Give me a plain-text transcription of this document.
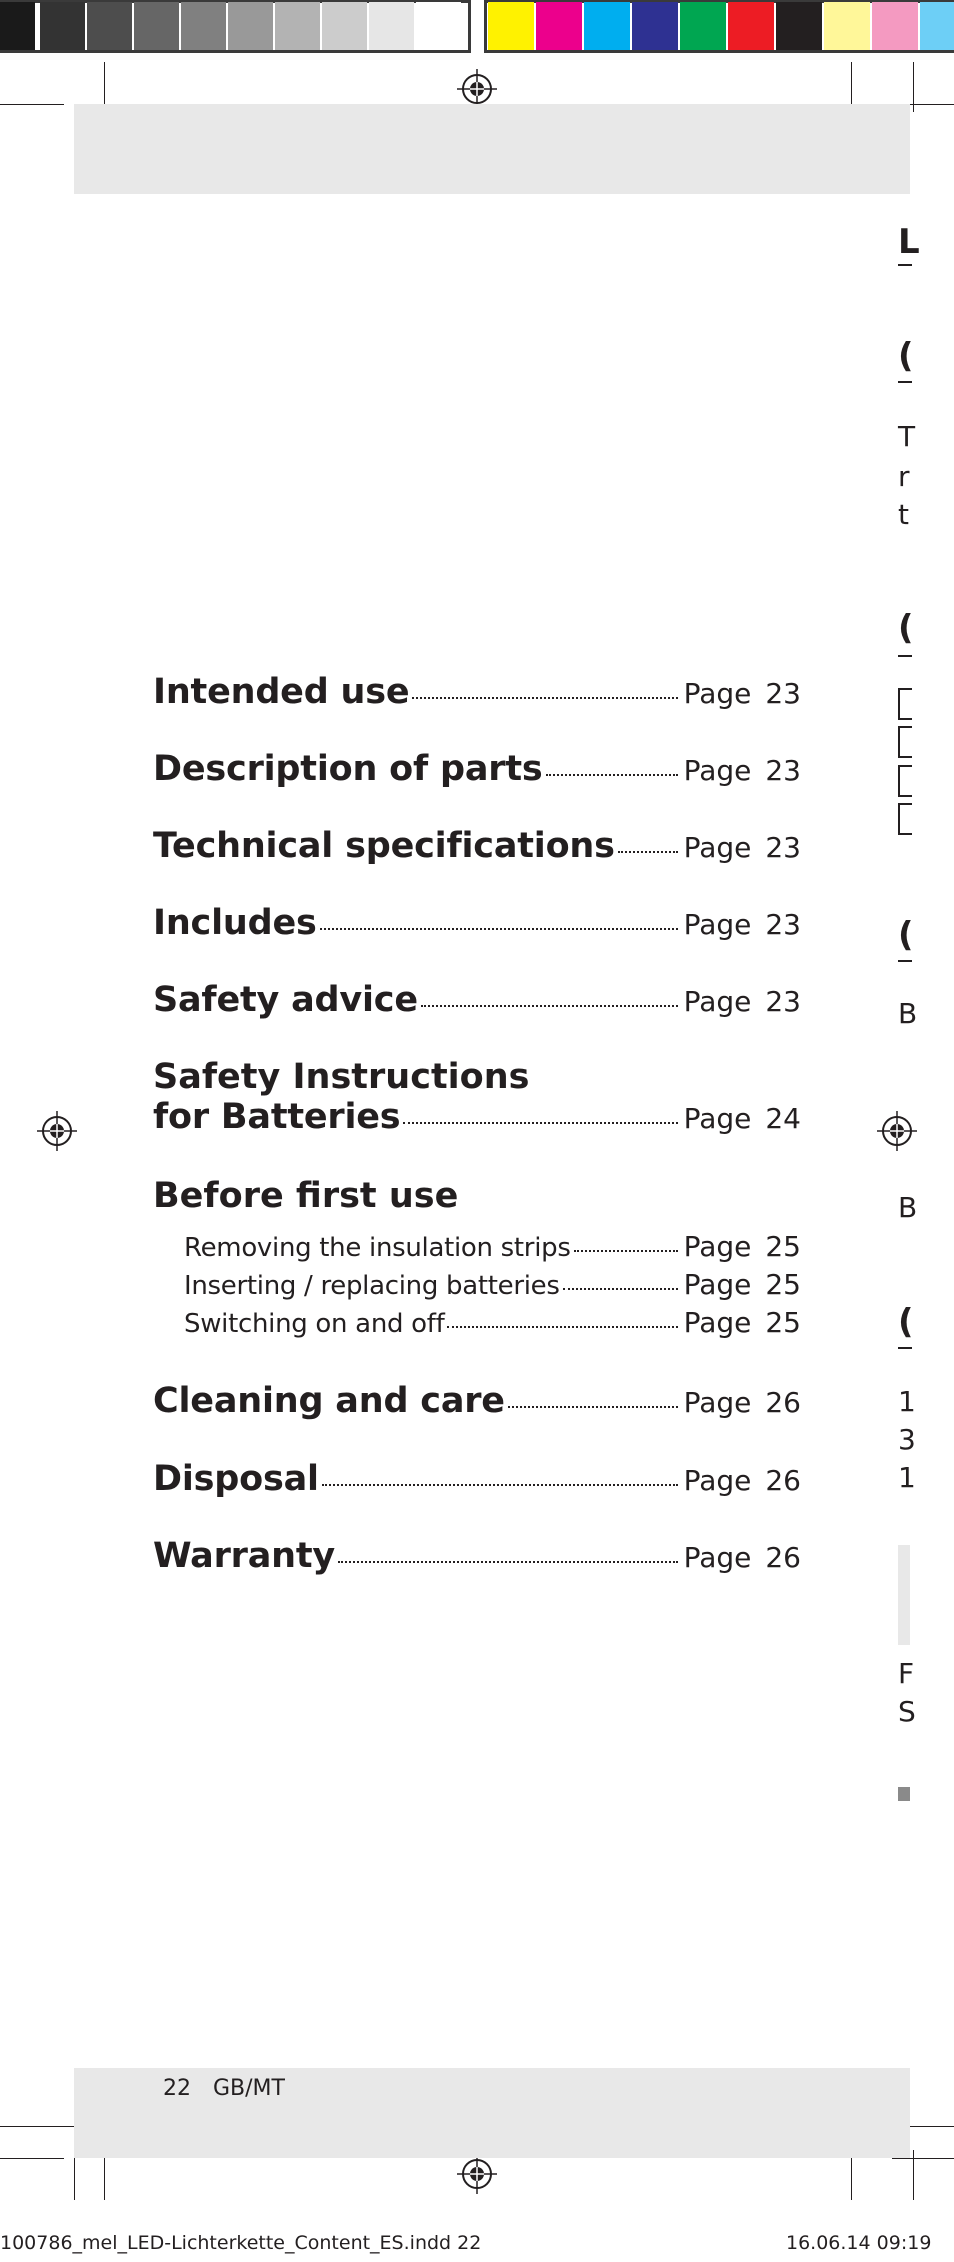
Intended use	Page 23
Description of parts	Page 23
Technical specifications Page 23
Includes	Page 23
Safety advice	Page 23
Safety Instructions
for Batteries	Page 24
Before first use
Removing the insulation strips	Page 25
Inserting / replacing batteries	Page 25
Switching on and off	Page 25
Cleaning and care	Page 26
Disposal	Page 26
Warranty	Page 26
22 GB/MT
100786_mel_LED-Lichterkette_Content_ES.indd 22	16.06.14 09:19
L
(
T
r
t
(
(
B
B
(
1
3
1
F
S
